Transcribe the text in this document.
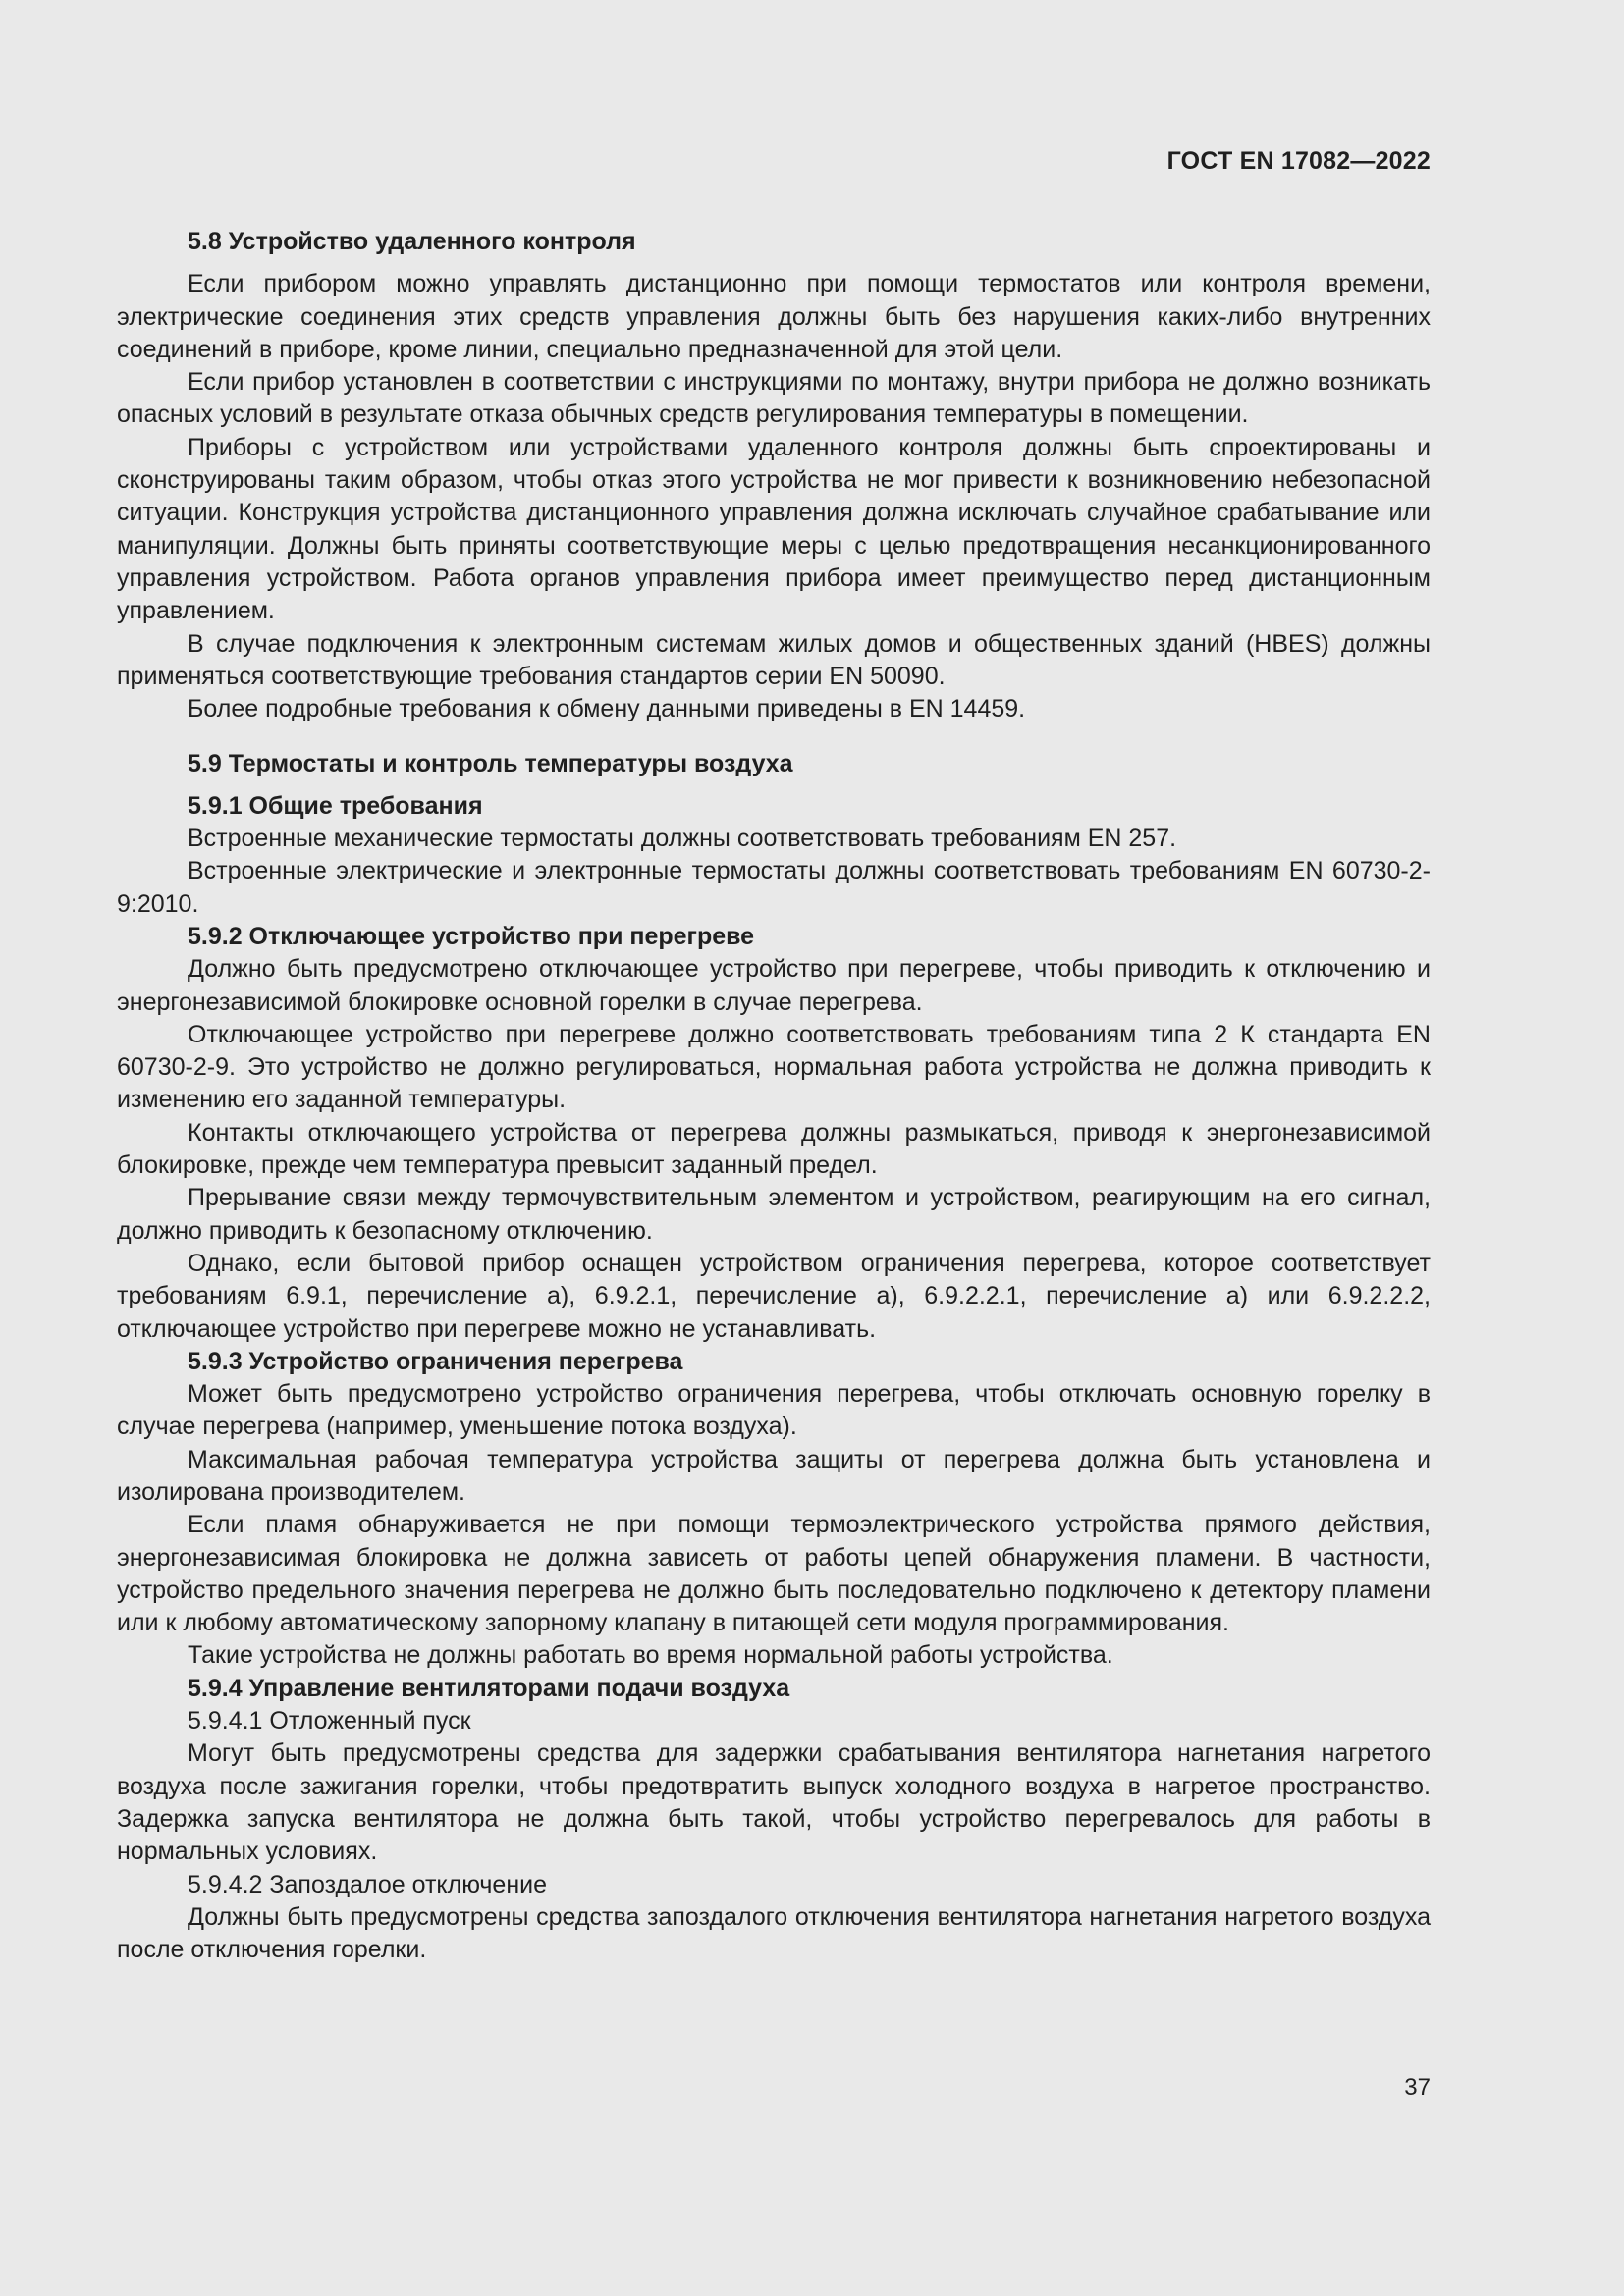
ГОСТ EN 17082—2022

5.8 Устройство удаленного контроля

Если прибором можно управлять дистанционно при помощи термостатов или контроля времени, электрические соединения этих средств управления должны быть без нарушения каких-либо внутренних соединений в приборе, кроме линии, специально предназначенной для этой цели.

Если прибор установлен в соответствии с инструкциями по монтажу, внутри прибора не должно возникать опасных условий в результате отказа обычных средств регулирования температуры в помещении.

Приборы с устройством или устройствами удаленного контроля должны быть спроектированы и сконструированы таким образом, чтобы отказ этого устройства не мог привести к возникновению небезопасной ситуации. Конструкция устройства дистанционного управления должна исключать случайное срабатывание или манипуляции. Должны быть приняты соответствующие меры с целью предотвращения несанкционированного управления устройством. Работа органов управления прибора имеет преимущество перед дистанционным управлением.

В случае подключения к электронным системам жилых домов и общественных зданий (HBES) должны применяться соответствующие требования стандартов серии EN 50090.

Более подробные требования к обмену данными приведены в EN 14459.

5.9 Термостаты и контроль температуры воздуха

5.9.1 Общие требования

Встроенные механические термостаты должны соответствовать требованиям EN 257.

Встроенные электрические и электронные термостаты должны соответствовать требованиям EN 60730-2-9:2010.

5.9.2 Отключающее устройство при перегреве

Должно быть предусмотрено отключающее устройство при перегреве, чтобы приводить к отключению и энергонезависимой блокировке основной горелки в случае перегрева.

Отключающее устройство при перегреве должно соответствовать требованиям типа 2 К стандарта EN 60730-2-9. Это устройство не должно регулироваться, нормальная работа устройства не должна приводить к изменению его заданной температуры.

Контакты отключающего устройства от перегрева должны размыкаться, приводя к энергонезависимой блокировке, прежде чем температура превысит заданный предел.

Прерывание связи между термочувствительным элементом и устройством, реагирующим на его сигнал, должно приводить к безопасному отключению.

Однако, если бытовой прибор оснащен устройством ограничения перегрева, которое соответствует требованиям 6.9.1, перечисление а), 6.9.2.1, перечисление а), 6.9.2.2.1, перечисление а) или 6.9.2.2.2, отключающее устройство при перегреве можно не устанавливать.

5.9.3 Устройство ограничения перегрева

Может быть предусмотрено устройство ограничения перегрева, чтобы отключать основную горелку в случае перегрева (например, уменьшение потока воздуха).

Максимальная рабочая температура устройства защиты от перегрева должна быть установлена и изолирована производителем.

Если пламя обнаруживается не при помощи термоэлектрического устройства прямого действия, энергонезависимая блокировка не должна зависеть от работы цепей обнаружения пламени. В частности, устройство предельного значения перегрева не должно быть последовательно подключено к детектору пламени или к любому автоматическому запорному клапану в питающей сети модуля программирования.

Такие устройства не должны работать во время нормальной работы устройства.

5.9.4 Управление вентиляторами подачи воздуха

5.9.4.1 Отложенный пуск

Могут быть предусмотрены средства для задержки срабатывания вентилятора нагнетания нагретого воздуха после зажигания горелки, чтобы предотвратить выпуск холодного воздуха в нагретое пространство. Задержка запуска вентилятора не должна быть такой, чтобы устройство перегревалось для работы в нормальных условиях.

5.9.4.2 Запоздалое отключение

Должны быть предусмотрены средства запоздалого отключения вентилятора нагнетания нагретого воздуха после отключения горелки.

37
